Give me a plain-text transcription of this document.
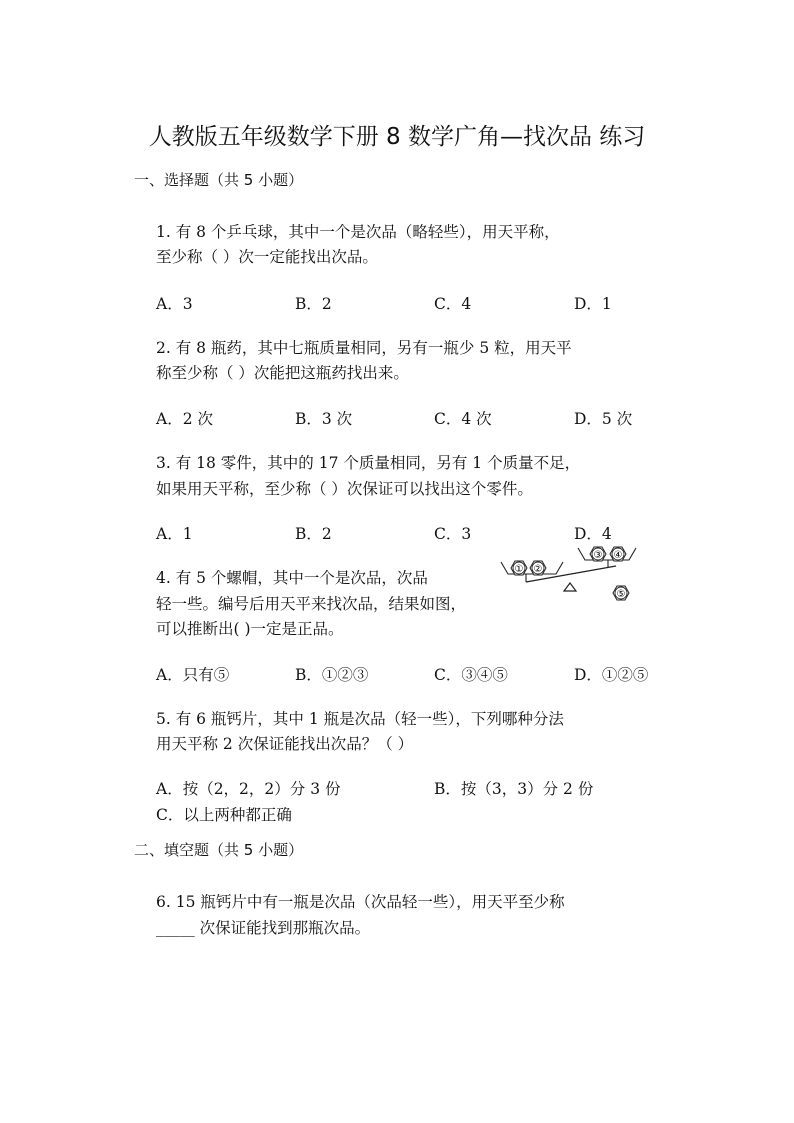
人教版五年级数学下册 8 数学广角—找次品 练习
一、选择题（共 5 小题）
1. 有 8 个乒乓球，其中一个是次品（略轻些），用天平称，
至少称（ ）次一定能找出次品。
A．3	B．2	C．4	D．1
2. 有 8 瓶药，其中七瓶质量相同，另有一瓶少 5 粒，用天平
称至少称（ ）次能把这瓶药找出来。
A．2 次	B．3 次	C．4 次	D．5 次
3. 有 18 零件，其中的 17 个质量相同，另有 1 个质量不足，
如果用天平称，至少称（ ）次保证可以找出这个零件。
A．1	B．2	C．3	D．4
4. 有 5 个螺帽，其中一个是次品，次品
轻一些。编号后用天平来找次品，结果如图，
可以推断出( )一定是正品。
① ②
③ ④
⑤
A．只有⑤	B．①②③	C．③④⑤	D．①②⑤
5. 有 6 瓶钙片，其中 1 瓶是次品（轻一些），下列哪种分法
用天平称 2 次保证能找出次品？（ ）
A．按（2，2，2）分 3 份	B．按（3，3）分 2 份
C．以上两种都正确
二、填空题（共 5 小题）
6. 15 瓶钙片中有一瓶是次品（次品轻一些），用天平至少称
_____ 次保证能找到那瓶次品。
